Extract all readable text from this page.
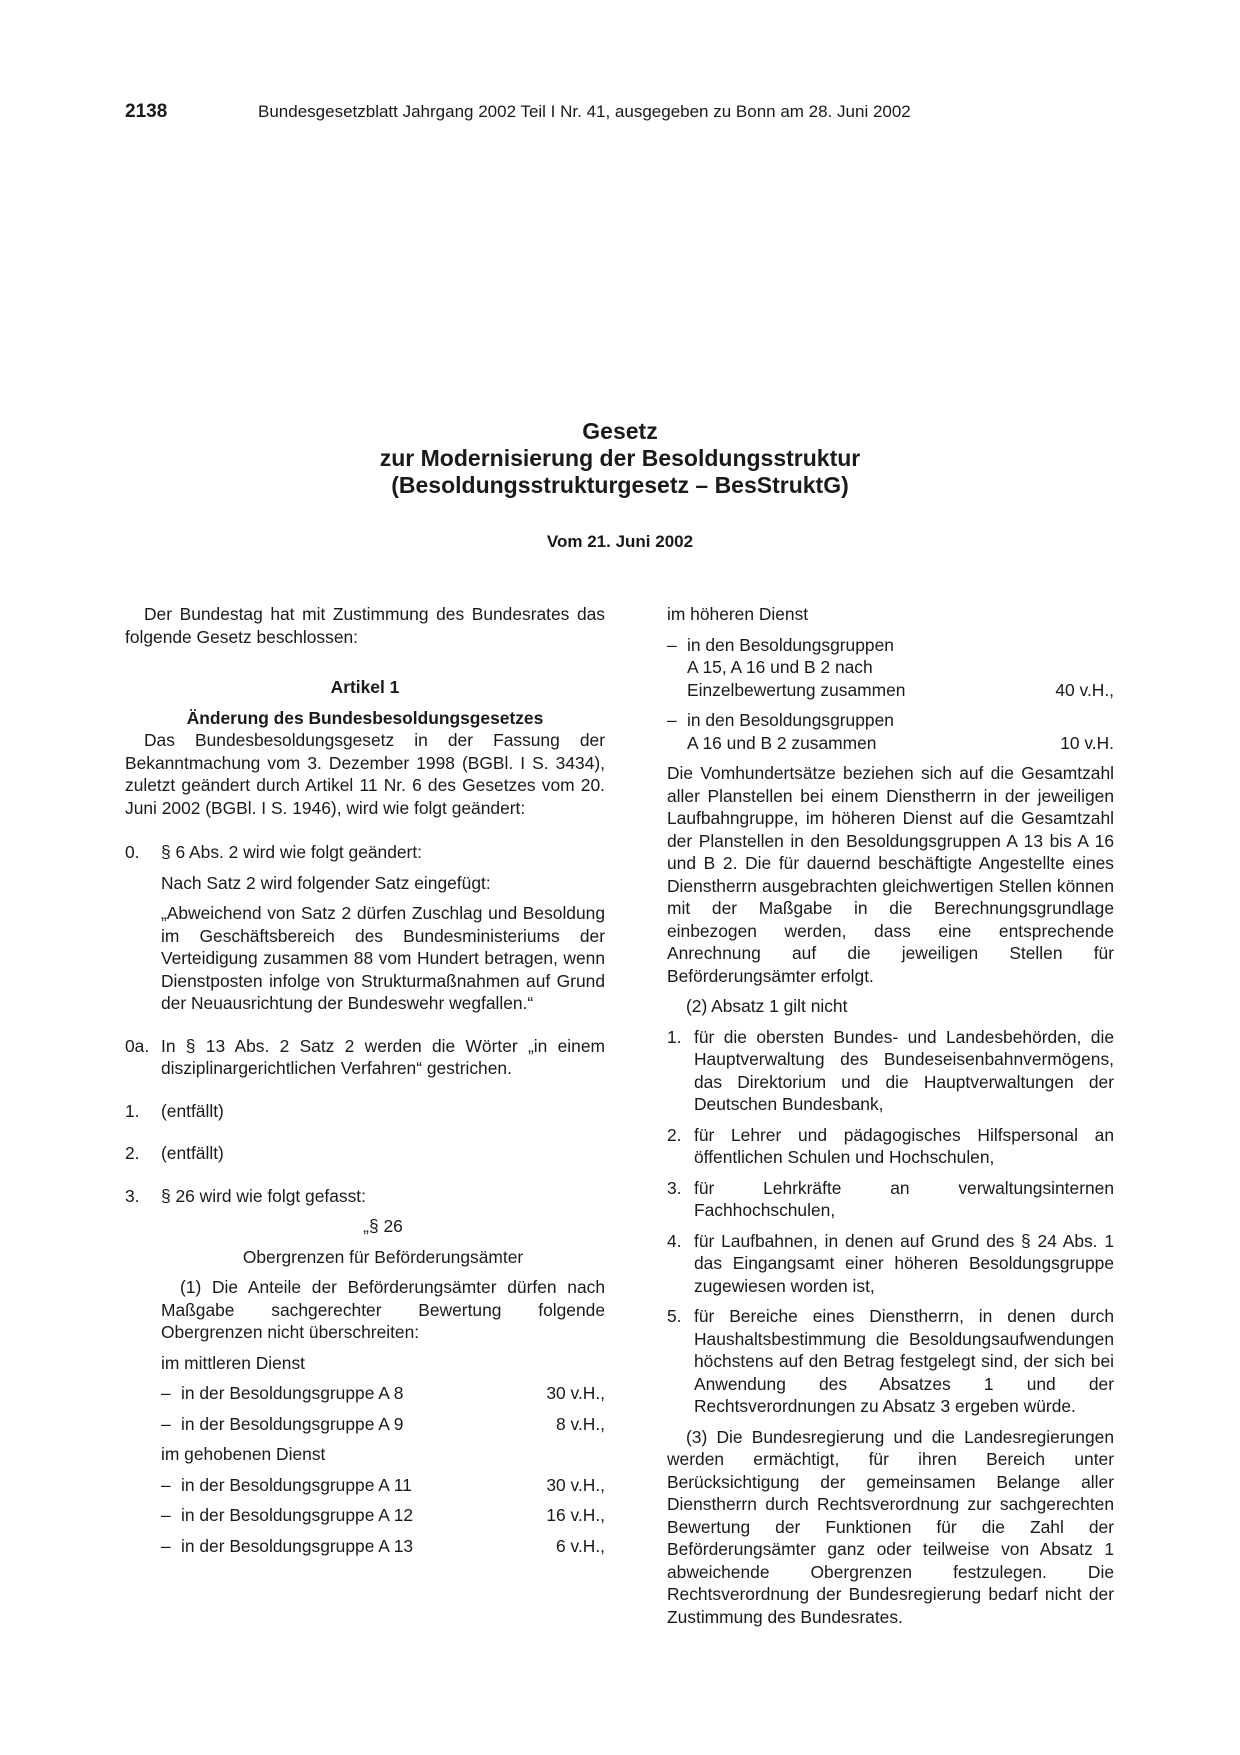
2138	Bundesgesetzblatt Jahrgang 2002 Teil I Nr. 41, ausgegeben zu Bonn am 28. Juni 2002
Gesetz
zur Modernisierung der Besoldungsstruktur
(Besoldungsstrukturgesetz – BesStruktG)
Vom 21. Juni 2002

Der Bundestag hat mit Zustimmung des Bundesrates das folgende Gesetz beschlossen:

Artikel 1

Änderung des Bundesbesoldungsgesetzes

Das Bundesbesoldungsgesetz in der Fassung der Bekanntmachung vom 3. Dezember 1998 (BGBl. I S. 3434), zuletzt geändert durch Artikel 11 Nr. 6 des Gesetzes vom 20. Juni 2002 (BGBl. I S. 1946), wird wie folgt geändert:

0. § 6 Abs. 2 wird wie folgt geändert:

Nach Satz 2 wird folgender Satz eingefügt:

„Abweichend von Satz 2 dürfen Zuschlag und Besoldung im Geschäftsbereich des Bundesministeriums der Verteidigung zusammen 88 vom Hundert betragen, wenn Dienstposten infolge von Strukturmaßnahmen auf Grund der Neuausrichtung der Bundeswehr wegfallen.“

0a. In § 13 Abs. 2 Satz 2 werden die Wörter „in einem disziplinargerichtlichen Verfahren“ gestrichen.

1. (entfällt)

2. (entfällt)

3. § 26 wird wie folgt gefasst:

„§ 26

Obergrenzen für Beförderungsämter

(1) Die Anteile der Beförderungsämter dürfen nach Maßgabe sachgerechter Bewertung folgende Obergrenzen nicht überschreiten:

im mittleren Dienst

– in der Besoldungsgruppe A 8	30 v.H.,
– in der Besoldungsgruppe A 9	8 v.H.,

im gehobenen Dienst

– in der Besoldungsgruppe A 11	30 v.H.,
– in der Besoldungsgruppe A 12	16 v.H.,
– in der Besoldungsgruppe A 13	6 v.H.,

im höheren Dienst

– in den Besoldungsgruppen
A 15, A 16 und B 2 nach
Einzelbewertung zusammen	40 v.H.,
– in den Besoldungsgruppen
A 16 und B 2 zusammen	10 v.H.

Die Vomhundertsätze beziehen sich auf die Gesamtzahl aller Planstellen bei einem Dienstherrn in der jeweiligen Laufbahngruppe, im höheren Dienst auf die Gesamtzahl der Planstellen in den Besoldungsgruppen A 13 bis A 16 und B 2. Die für dauernd beschäftigte Angestellte eines Dienstherrn ausgebrachten gleichwertigen Stellen können mit der Maßgabe in die Berechnungsgrundlage einbezogen werden, dass eine entsprechende Anrechnung auf die jeweiligen Stellen für Beförderungsämter erfolgt.

(2) Absatz 1 gilt nicht

1. für die obersten Bundes- und Landesbehörden, die Hauptverwaltung des Bundeseisenbahnvermögens, das Direktorium und die Hauptverwaltungen der Deutschen Bundesbank,

2. für Lehrer und pädagogisches Hilfspersonal an öffentlichen Schulen und Hochschulen,

3. für Lehrkräfte an verwaltungsinternen Fachhochschulen,

4. für Laufbahnen, in denen auf Grund des § 24 Abs. 1 das Eingangsamt einer höheren Besoldungsgruppe zugewiesen worden ist,

5. für Bereiche eines Dienstherrn, in denen durch Haushaltsbestimmung die Besoldungsaufwendungen höchstens auf den Betrag festgelegt sind, der sich bei Anwendung des Absatzes 1 und der Rechtsverordnungen zu Absatz 3 ergeben würde.

(3) Die Bundesregierung und die Landesregierungen werden ermächtigt, für ihren Bereich unter Berücksichtigung der gemeinsamen Belange aller Dienstherrn durch Rechtsverordnung zur sachgerechten Bewertung der Funktionen für die Zahl der Beförderungsämter ganz oder teilweise von Absatz 1 abweichende Obergrenzen festzulegen. Die Rechtsverordnung der Bundesregierung bedarf nicht der Zustimmung des Bundesrates.
